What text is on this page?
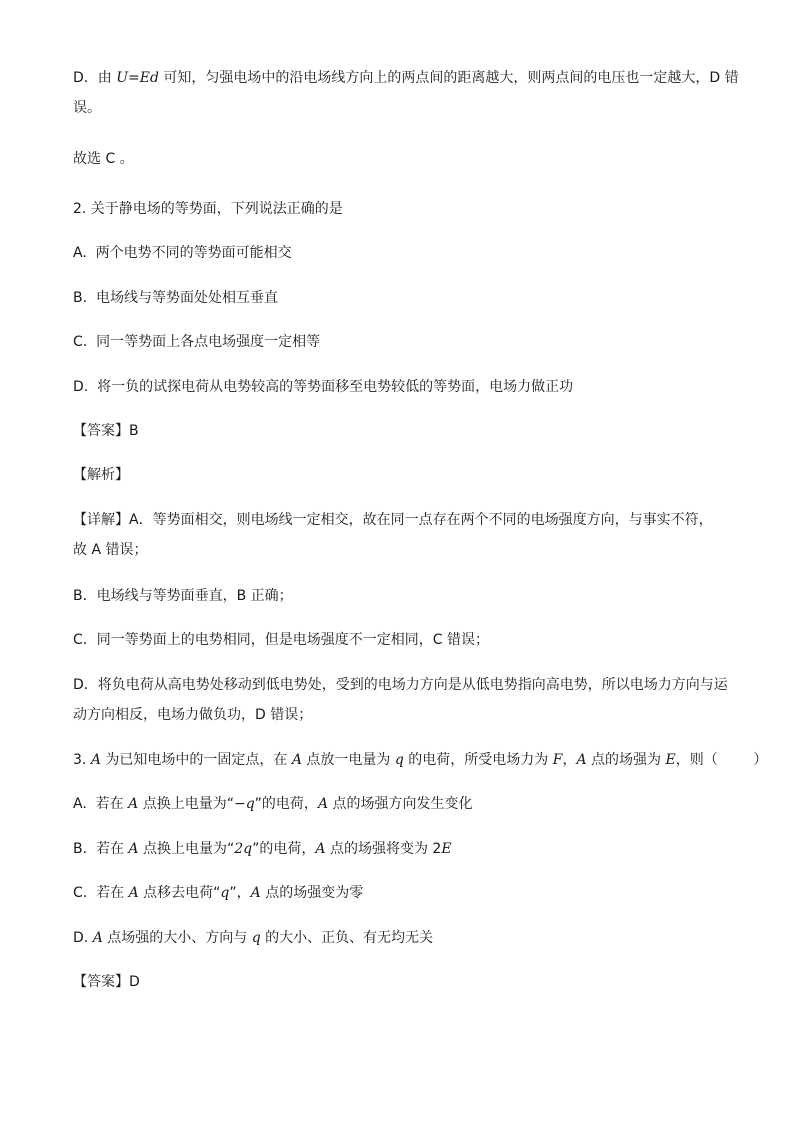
D．由 U=Ed 可知，匀强电场中的沿电场线方向上的两点间的距离越大，则两点间的电压也一定越大，D 错
误。
故选 C 。
2. 关于静电场的等势面，下列说法正确的是
A.  两个电势不同的等势面可能相交
B.  电场线与等势面处处相互垂直
C.  同一等势面上各点电场强度一定相等
D.  将一负的试探电荷从电势较高的等势面移至电势较低的等势面，电场力做正功
【答案】B
【解析】
【详解】A．等势面相交，则电场线一定相交，故在同一点存在两个不同的电场强度方向，与事实不符，
故 A 错误；
B．电场线与等势面垂直，B 正确；
C．同一等势面上的电势相同，但是电场强度不一定相同，C 错误；
D．将负电荷从高电势处移动到低电势处，受到的电场力方向是从低电势指向高电势，所以电场力方向与运
动方向相反，电场力做负功，D 错误；
3. A 为已知电场中的一固定点，在 A 点放一电量为 q 的电荷，所受电场力为 F，A 点的场强为 E，则（        ）
A.  若在 A 点换上电量为“−q”的电荷，A 点的场强方向发生变化
B.  若在 A 点换上电量为“2q”的电荷，A 点的场强将变为 2E
C.  若在 A 点移去电荷“q”，A 点的场强变为零
D. A 点场强的大小、方向与 q 的大小、正负、有无均无关
【答案】D
